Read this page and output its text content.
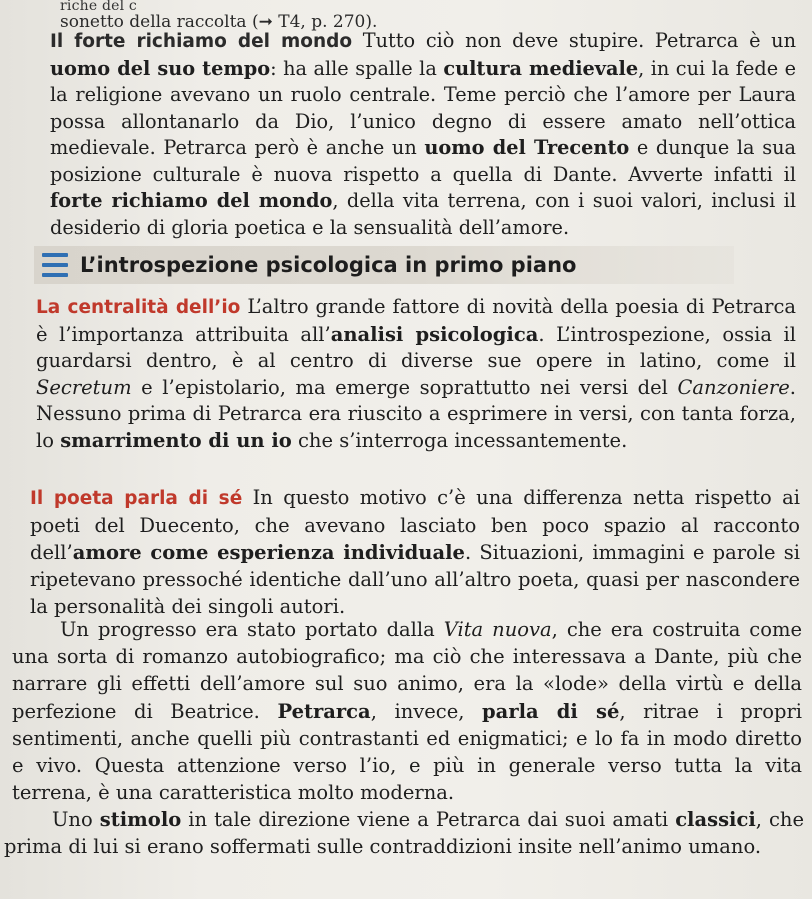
riche del c
sonetto della raccolta (➞ T4, p. 270).

Il forte richiamo del mondo Tutto ciò non deve stupire. Petrarca è un uomo del suo tempo: ha alle spalle la cultura medievale, in cui la fede e la religione avevano un ruolo centrale. Teme perciò che l’amore per Laura possa allontanarlo da Dio, l’unico degno di essere amato nell’ottica medievale. Petrarca però è anche un uomo del Trecento e dunque la sua posizione culturale è nuova rispetto a quella di Dante. Avverte infatti il forte richiamo del mondo, della vita terrena, con i suoi valori, inclusi il desiderio di gloria poetica e la sensualità dell’amore.

L’introspezione psicologica in primo piano

La centralità dell’io L’altro grande fattore di novità della poesia di Petrarca è l’importanza attribuita all’analisi psicologica. L’introspezione, ossia il guardarsi dentro, è al centro di diverse sue opere in latino, come il Secretum e l’epistolario, ma emerge soprattutto nei versi del Canzoniere. Nessuno prima di Petrarca era riuscito a esprimere in versi, con tanta forza, lo smarrimento di un io che s’interroga incessantemente.

Il poeta parla di sé In questo motivo c’è una differenza netta rispetto ai poeti del Duecento, che avevano lasciato ben poco spazio al racconto dell’amore come esperienza individuale. Situazioni, immagini e parole si ripetevano pressoché identiche dall’uno all’altro poeta, quasi per nascondere la personalità dei singoli autori.

Un progresso era stato portato dalla Vita nuova, che era costruita come una sorta di romanzo autobiografico; ma ciò che interessava a Dante, più che narrare gli effetti dell’amore sul suo animo, era la «lode» della virtù e della perfezione di Beatrice. Petrarca, invece, parla di sé, ritrae i propri sentimenti, anche quelli più contrastanti ed enigmatici; e lo fa in modo diretto e vivo. Questa attenzione verso l’io, e più in generale verso tutta la vita terrena, è una caratteristica molto moderna.

Uno stimolo in tale direzione viene a Petrarca dai suoi amati classici, che prima di lui si erano soffermati sulle contraddizioni insite nell’animo umano.
